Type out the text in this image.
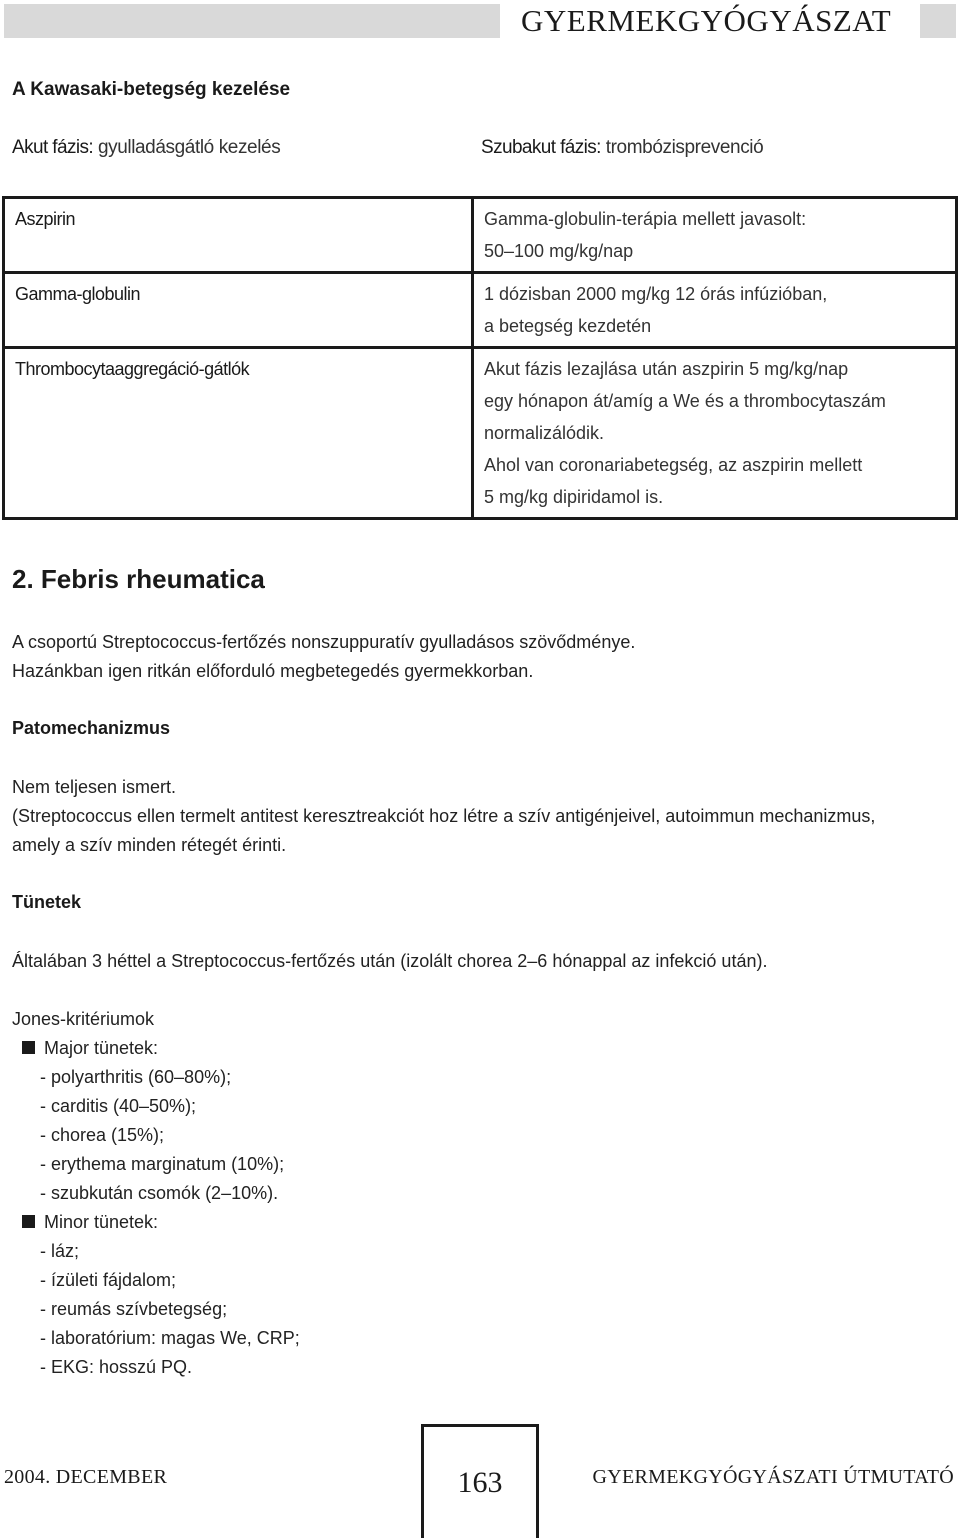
GYERMEKGYÓGYÁSZAT
A Kawasaki-betegség kezelése
Akut fázis: gyulladásgátló kezelés	Szubakut fázis: trombózisprevenció
Aszpirin	Gamma-globulin-terápia mellett javasolt:
50–100 mg/kg/nap

Gamma-globulin	1 dózisban 2000 mg/kg 12 órás infúzióban,
a betegség kezdetén

Thrombocytaaggregáció-gátlók	Akut fázis lezajlása után aszpirin 5 mg/kg/nap
egy hónapon át/amíg a We és a thrombocytaszám
normalizálódik.
Ahol van coronariabetegség, az aszpirin mellett
5 mg/kg dipiridamol is.
2. Febris rheumatica
A csoportú Streptococcus-fertőzés nonszuppuratív gyulladásos szövődménye.
Hazánkban igen ritkán előforduló megbetegedés gyermekkorban.
Patomechanizmus
Nem teljesen ismert.
(Streptococcus ellen termelt antitest keresztreakciót hoz létre a szív antigénjeivel, autoimmun mechanizmus,
amely a szív minden rétegét érinti.
Tünetek
Általában 3 héttel a Streptococcus-fertőzés után (izolált chorea 2–6 hónappal az infekció után).
Jones-kritériumok
Major tünetek:
- polyarthritis (60–80%);
- carditis (40–50%);
- chorea (15%);
- erythema marginatum (10%);
- szubkután csomók (2–10%).
Minor tünetek:
- láz;
- ízületi fájdalom;
- reumás szívbetegség;
- laboratórium: magas We, CRP;
- EKG: hosszú PQ.
2004. DECEMBER	163	GYERMEKGYÓGYÁSZATI ÚTMUTATÓ
